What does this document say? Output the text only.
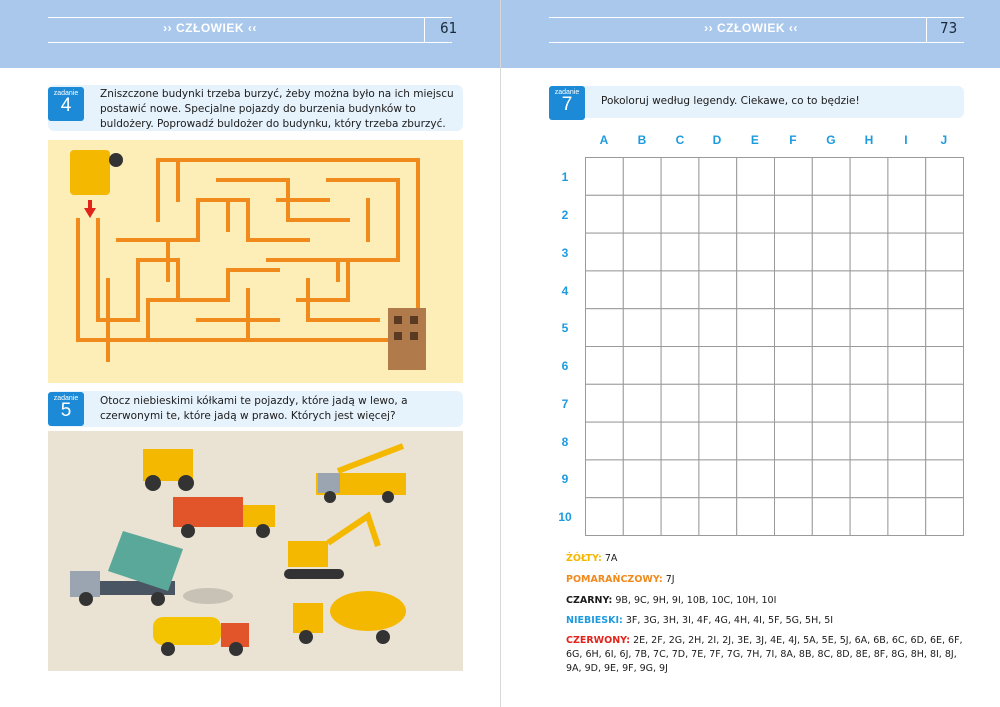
›› CZŁOWIEK ‹‹	61
zadanie
4
Zniszczone budynki trzeba burzyć, żeby można było na ich miejscu postawić nowe. Specjalne pojazdy do burzenia budynków to buldożery. Poprowadź buldożer do budynku, który trzeba zburzyć.
zadanie
5	Otocz niebieskimi kółkami te pojazdy, które jadą w lewo, a czerwonymi te, które jadą w prawo. Których jest więcej?
›› CZŁOWIEK ‹‹	73
zadanie
7	Pokoloruj według legendy. Ciekawe, co to będzie!
A	B	C	D	E	F	G	H	I	J
1
2
3
4
5
6
7
8
9
10
ŻÓŁTY: 7A
POMARAŃCZOWY: 7J
CZARNY: 9B, 9C, 9H, 9I, 10B, 10C, 10H, 10I
NIEBIESKI: 3F, 3G, 3H, 3I, 4F, 4G, 4H, 4I, 5F, 5G, 5H, 5I
CZERWONY: 2E, 2F, 2G, 2H, 2I, 2J, 3E, 3J, 4E, 4J, 5A, 5E, 5J, 6A, 6B, 6C, 6D, 6E, 6F, 6G, 6H, 6I, 6J, 7B, 7C, 7D, 7E, 7F, 7G, 7H, 7I, 8A, 8B, 8C, 8D, 8E, 8F, 8G, 8H, 8I, 8J, 9A, 9D, 9E, 9F, 9G, 9J
